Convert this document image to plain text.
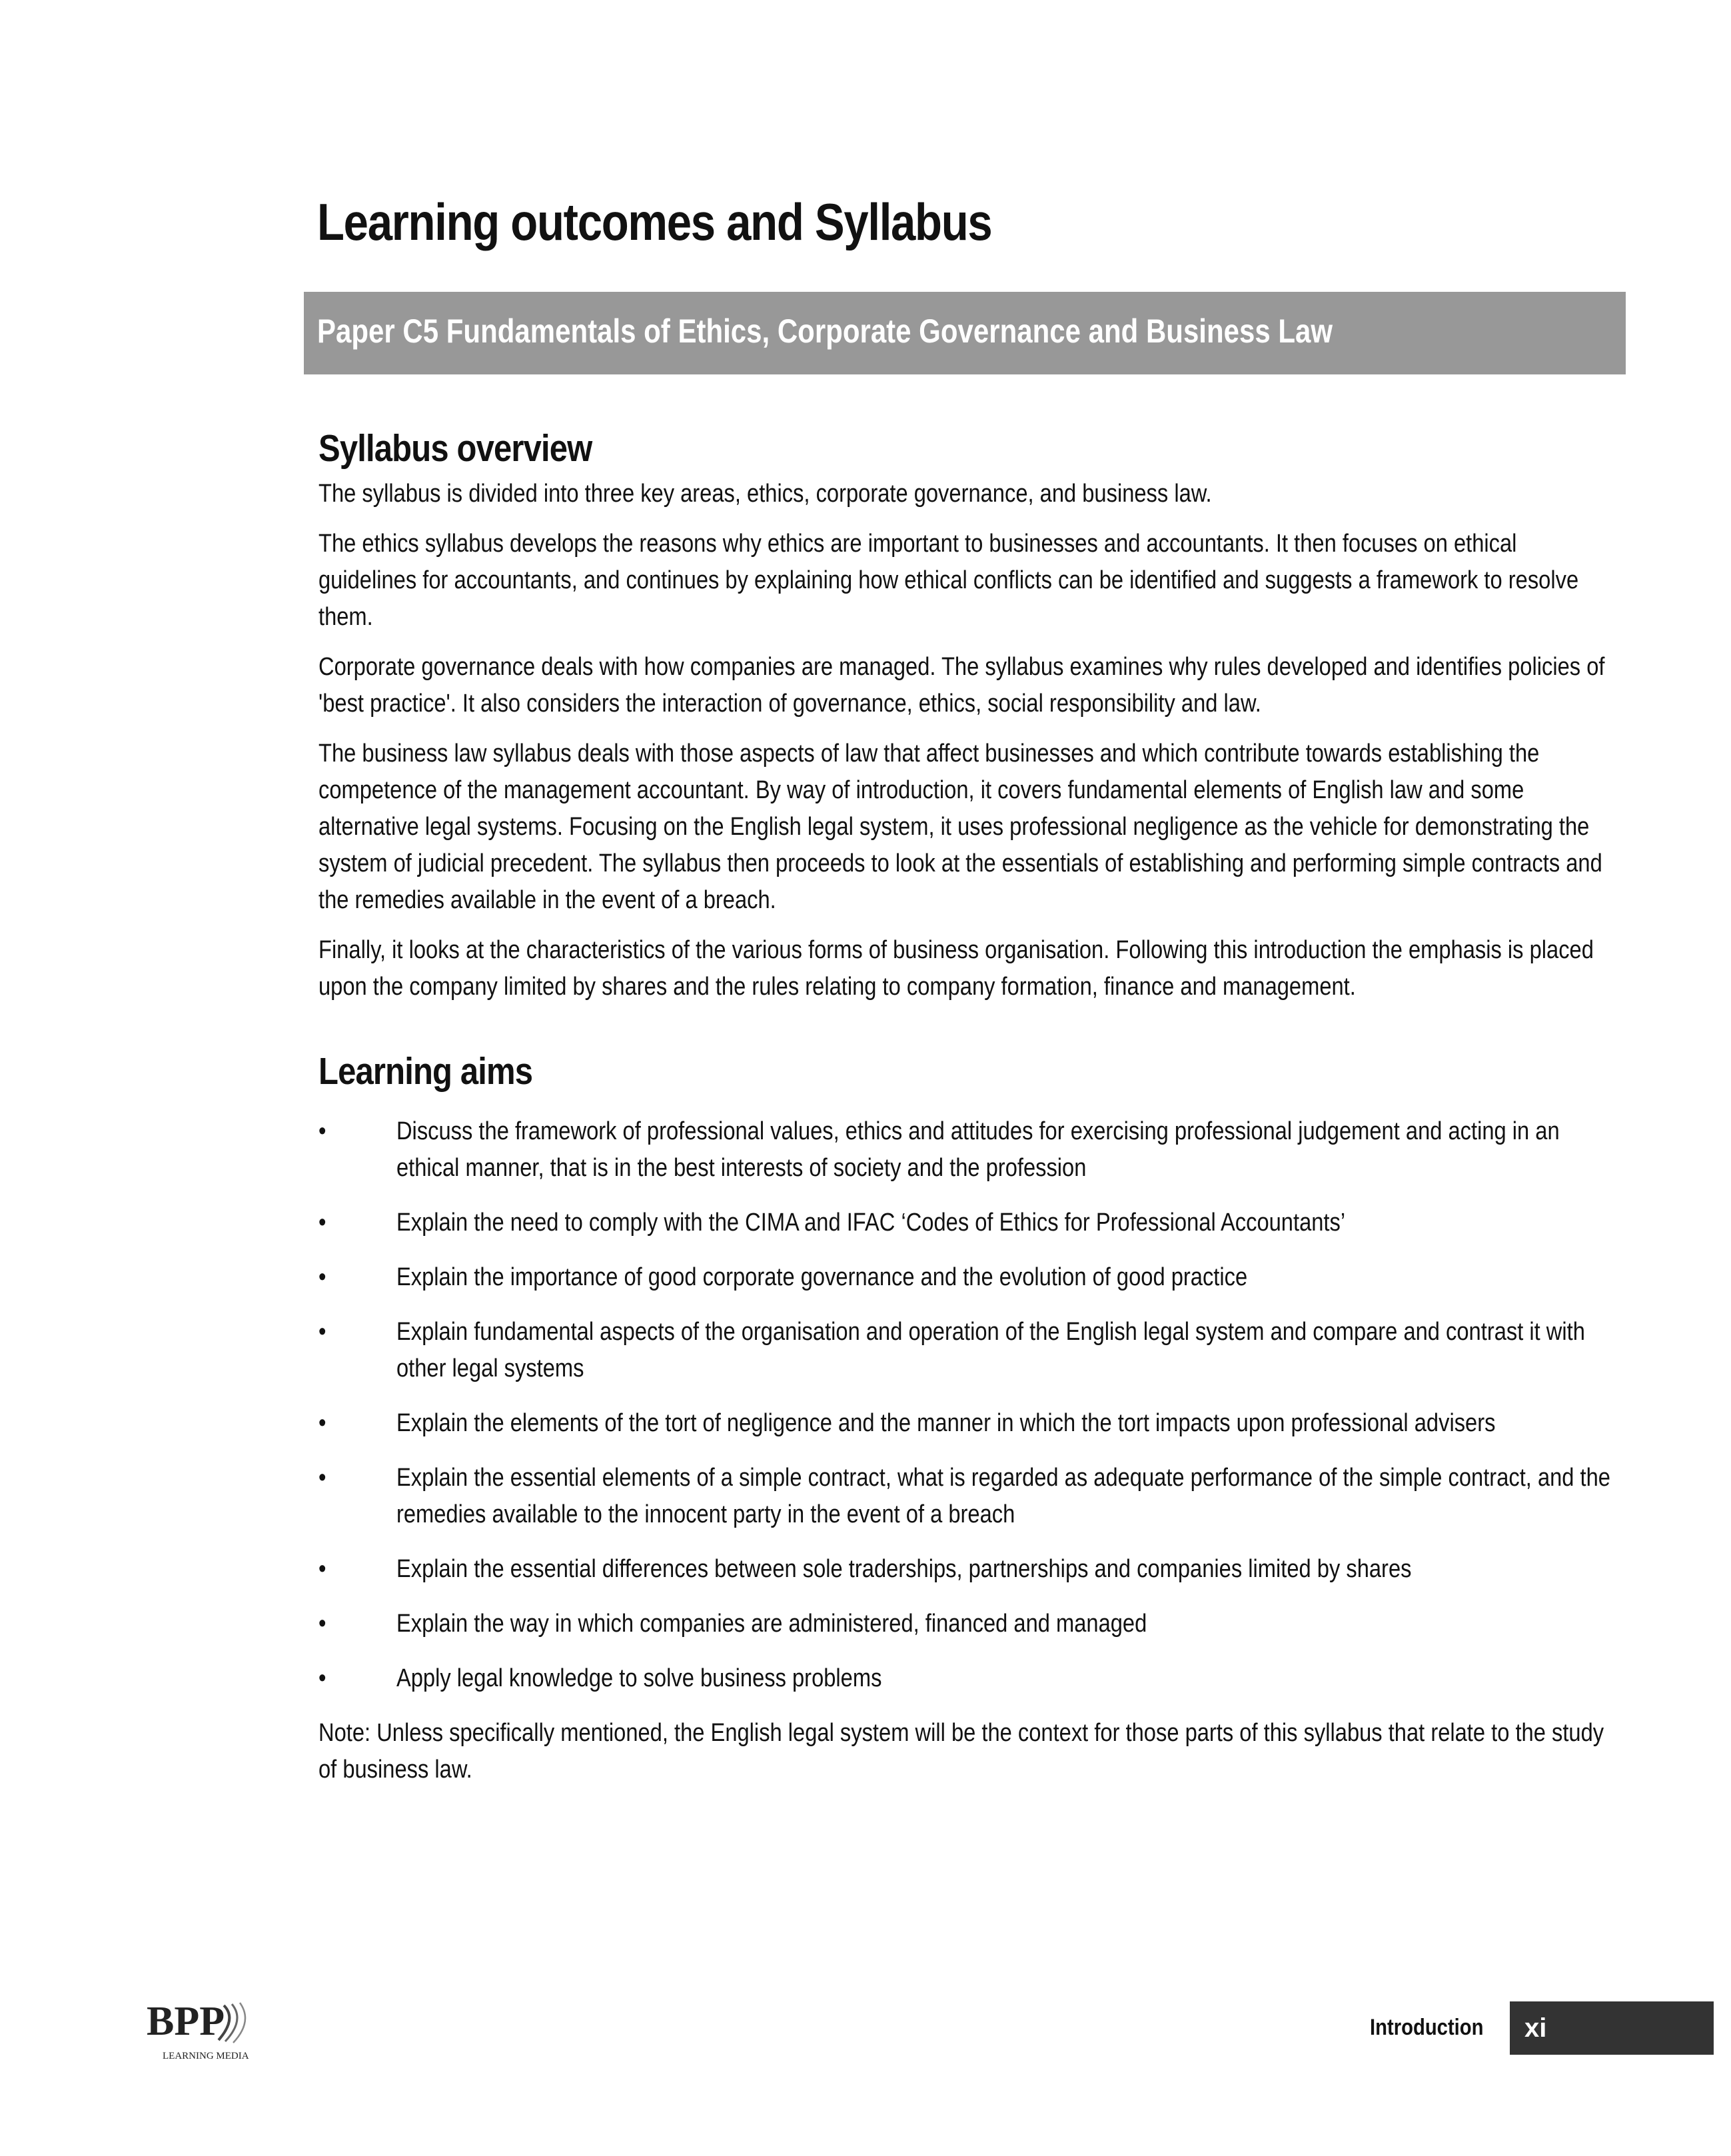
Learning outcomes and Syllabus
Paper C5 Fundamentals of Ethics, Corporate Governance and Business Law
Syllabus overview

The syllabus is divided into three key areas, ethics, corporate governance, and business law.

The ethics syllabus develops the reasons why ethics are important to businesses and accountants. It then focuses on ethical guidelines for accountants, and continues by explaining how ethical conflicts can be identified and suggests a framework to resolve them.

Corporate governance deals with how companies are managed. The syllabus examines why rules developed and identifies policies of 'best practice'. It also considers the interaction of governance, ethics, social responsibility and law.

The business law syllabus deals with those aspects of law that affect businesses and which contribute towards establishing the competence of the management accountant. By way of introduction, it covers fundamental elements of English law and some alternative legal systems. Focusing on the English legal system, it uses professional negligence as the vehicle for demonstrating the system of judicial precedent. The syllabus then proceeds to look at the essentials of establishing and performing simple contracts and the remedies available in the event of a breach.

Finally, it looks at the characteristics of the various forms of business organisation. Following this introduction the emphasis is placed upon the company limited by shares and the rules relating to company formation, finance and management.

Learning aims
•	Discuss the framework of professional values, ethics and attitudes for exercising professional judgement and acting in an ethical manner, that is in the best interests of society and the profession
•	Explain the need to comply with the CIMA and IFAC ‘Codes of Ethics for Professional Accountants’
•	Explain the importance of good corporate governance and the evolution of good practice
•	Explain fundamental aspects of the organisation and operation of the English legal system and compare and contrast it with other legal systems
•	Explain the elements of the tort of negligence and the manner in which the tort impacts upon professional advisers
•	Explain the essential elements of a simple contract, what is regarded as adequate performance of the simple contract, and the remedies available to the innocent party in the event of a breach
•	Explain the essential differences between sole traderships, partnerships and companies limited by shares
•	Explain the way in which companies are administered, financed and managed
•	Apply legal knowledge to solve business problems

Note: Unless specifically mentioned, the English legal system will be the context for those parts of this syllabus that relate to the study of business law.

BPP
LEARNING MEDIA
Introduction xi
